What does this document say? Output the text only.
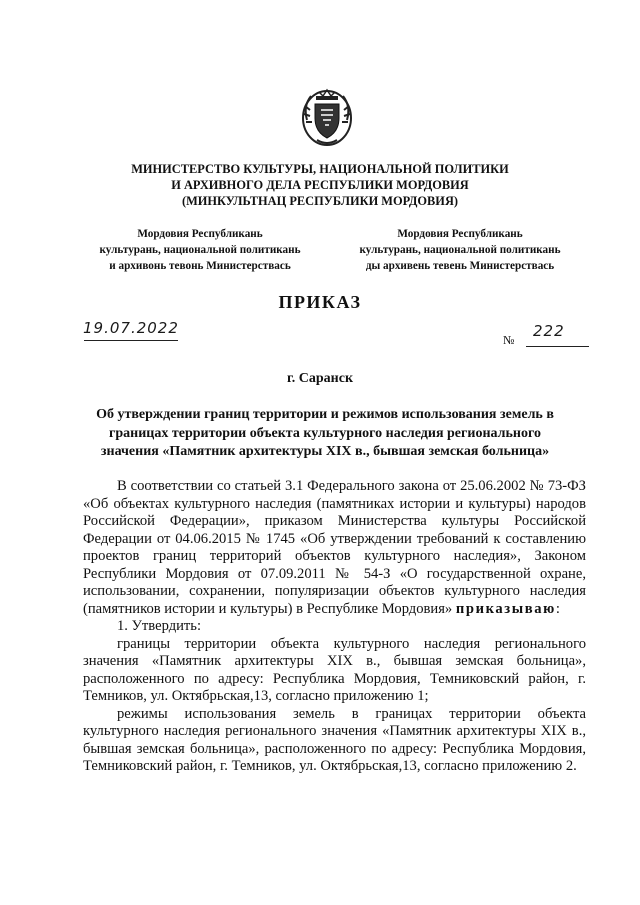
МИНИСТЕРСТВО КУЛЬТУРЫ, НАЦИОНАЛЬНОЙ ПОЛИТИКИ
И АРХИВНОГО ДЕЛА РЕСПУБЛИКИ МОРДОВИЯ
(МИНКУЛЬТНАЦ РЕСПУБЛИКИ МОРДОВИЯ)
Мордовия Республикань
культурань, национальной политикань
и архивонь тевонь Министерствась
Мордовия Республикань
культурань, национальной политикань
ды архивень тевень Министерствась
ПРИКАЗ
19.07.2022
№ 222
г. Саранск
Об утверждении границ территории и режимов использования земель в
границах территории объекта культурного наследия регионального
значения «Памятник архитектуры XIX в., бывшая земская больница»

В соответствии со статьей 3.1 Федерального закона от 25.06.2002 № 73-ФЗ «Об объектах культурного наследия (памятниках истории и культуры) народов Российской Федерации», приказом Министерства культуры Российской Федерации от 04.06.2015 № 1745 «Об утверждении требований к составлению проектов границ территорий объектов культурного наследия», Законом Республики Мордовия от 07.09.2011 № 54-З «О государственной охране, использовании, сохранении, популяризации объектов культурного наследия (памятников истории и культуры) в Республике Мордовия» приказываю:

1. Утвердить:

границы территории объекта культурного наследия регионального значения «Памятник архитектуры XIX в., бывшая земская больница», расположенного по адресу: Республика Мордовия, Темниковский район, г. Темников, ул. Октябрьская,13, согласно приложению 1;

режимы использования земель в границах территории объекта культурного наследия регионального значения «Памятник архитектуры XIX в., бывшая земская больница», расположенного по адресу: Республика Мордовия, Темниковский район, г. Темников, ул. Октябрьская,13, согласно приложению 2.
